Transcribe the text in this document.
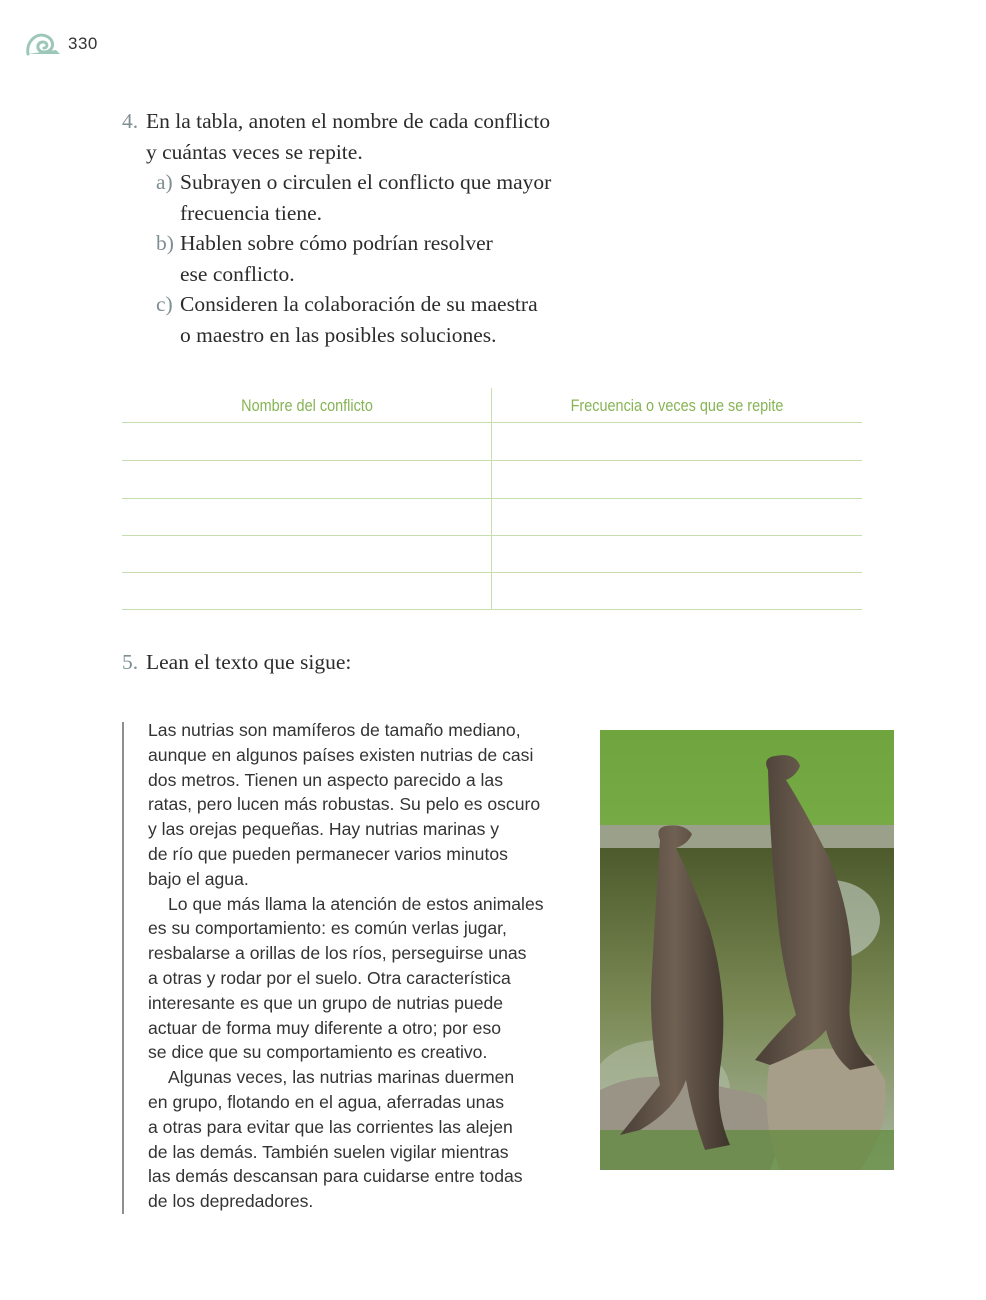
330
4. En la tabla, anoten el nombre de cada conflicto
y cuántas veces se repite.
a) Subrayen o circulen el conflicto que mayor
frecuencia tiene.
b) Hablen sobre cómo podrían resolver
ese conflicto.
c) Consideren la colaboración de su maestra
o maestro en las posibles soluciones.
Nombre del conflicto	Frecuencia o veces que se repite
5. Lean el texto que sigue:

Las nutrias son mamíferos de tamaño mediano,
aunque en algunos países existen nutrias de casi
dos metros. Tienen un aspecto parecido a las
ratas, pero lucen más robustas. Su pelo es oscuro
y las orejas pequeñas. Hay nutrias marinas y
de río que pueden permanecer varios minutos
bajo el agua.

Lo que más llama la atención de estos animales
es su comportamiento: es común verlas jugar,
resbalarse a orillas de los ríos, perseguirse unas
a otras y rodar por el suelo. Otra característica
interesante es que un grupo de nutrias puede
actuar de forma muy diferente a otro; por eso
se dice que su comportamiento es creativo.

Algunas veces, las nutrias marinas duermen
en grupo, flotando en el agua, aferradas unas
a otras para evitar que las corrientes las alejen
de las demás. También suelen vigilar mientras
las demás descansan para cuidarse entre todas
de los depredadores.
